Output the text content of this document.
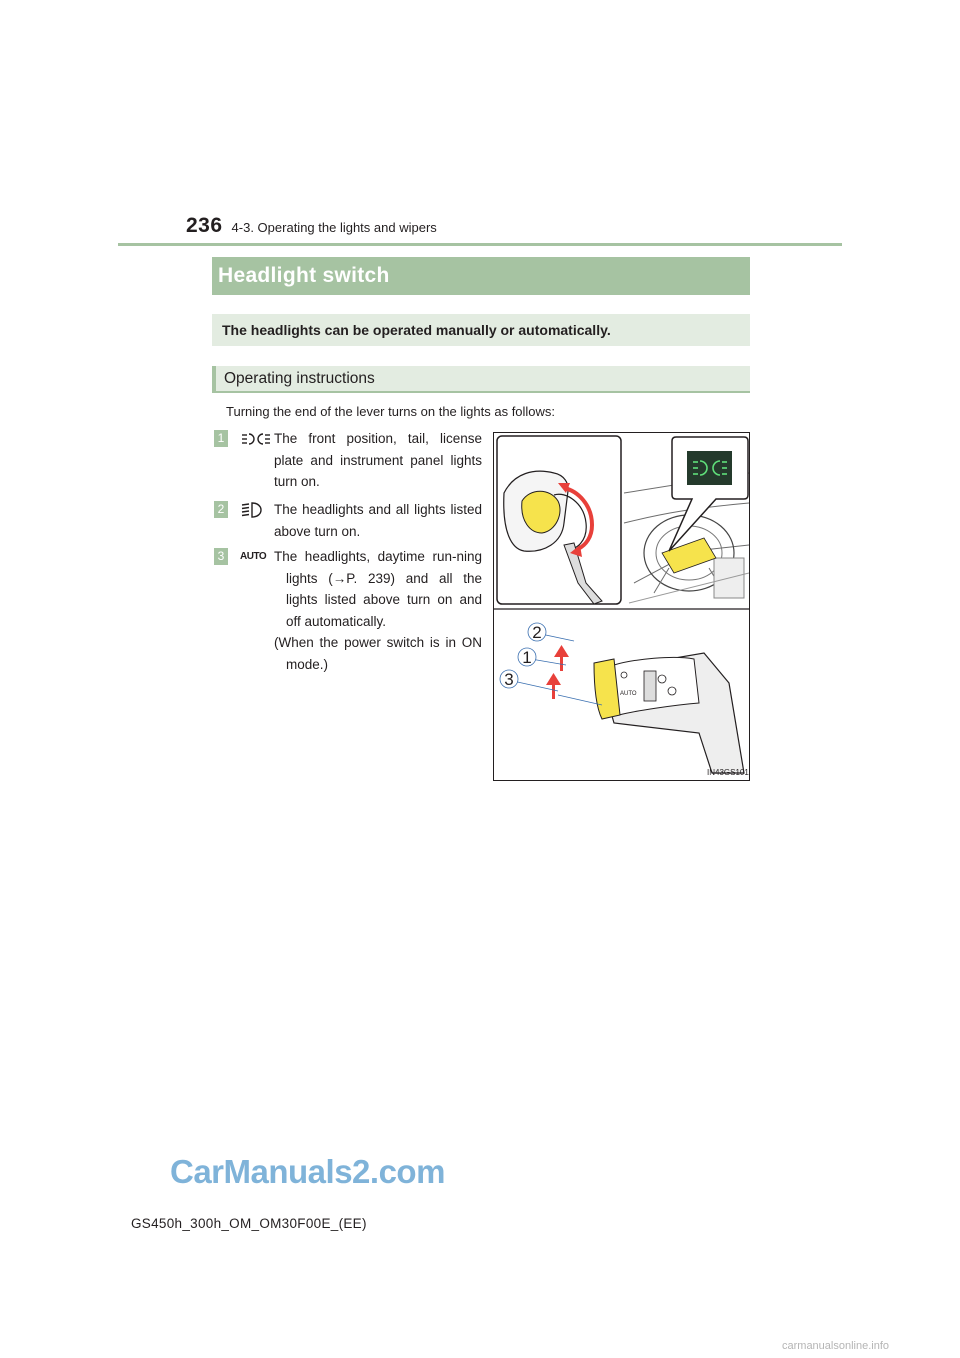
236 4-3. Operating the lights and wipers
Headlight switch
The headlights can be operated manually or automatically.
Operating instructions
Turning the end of the lever turns on the lights as follows:
1	The front position, tail, license plate and instrument panel lights turn on.
2	The headlights and all lights listed above turn on.
3	AUTO The headlights, daytime run-ning lights (→P. 239) and all the lights listed above turn on and off automatically.
(When the power switch is in ON mode.)
AUTO
2
1
3
IN43GS101
CarManuals2.com
GS450h_300h_OM_OM30F00E_(EE)
carmanualsonline.info
